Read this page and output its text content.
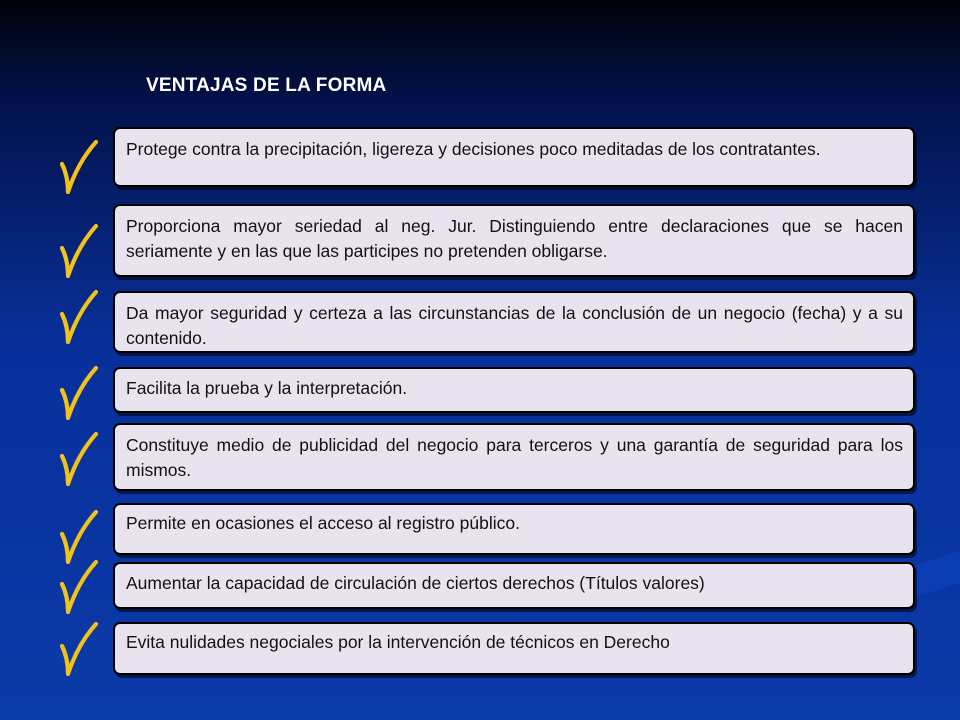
VENTAJAS DE LA FORMA
Protege contra la precipitación, ligereza y decisiones poco meditadas de los contratantes.
Proporciona mayor seriedad al neg. Jur. Distinguiendo entre declaraciones que se hacen seriamente y en las que las participes no pretenden obligarse.
Da mayor seguridad y certeza a las circunstancias de la conclusión de un negocio (fecha) y a su contenido.
Facilita la prueba y la interpretación.
Constituye medio de publicidad del negocio para terceros y una garantía de seguridad para los mismos.
Permite en ocasiones el acceso al registro público.
Aumentar la capacidad de circulación de ciertos derechos (Títulos valores)
Evita nulidades negociales por la intervención de técnicos en Derecho
